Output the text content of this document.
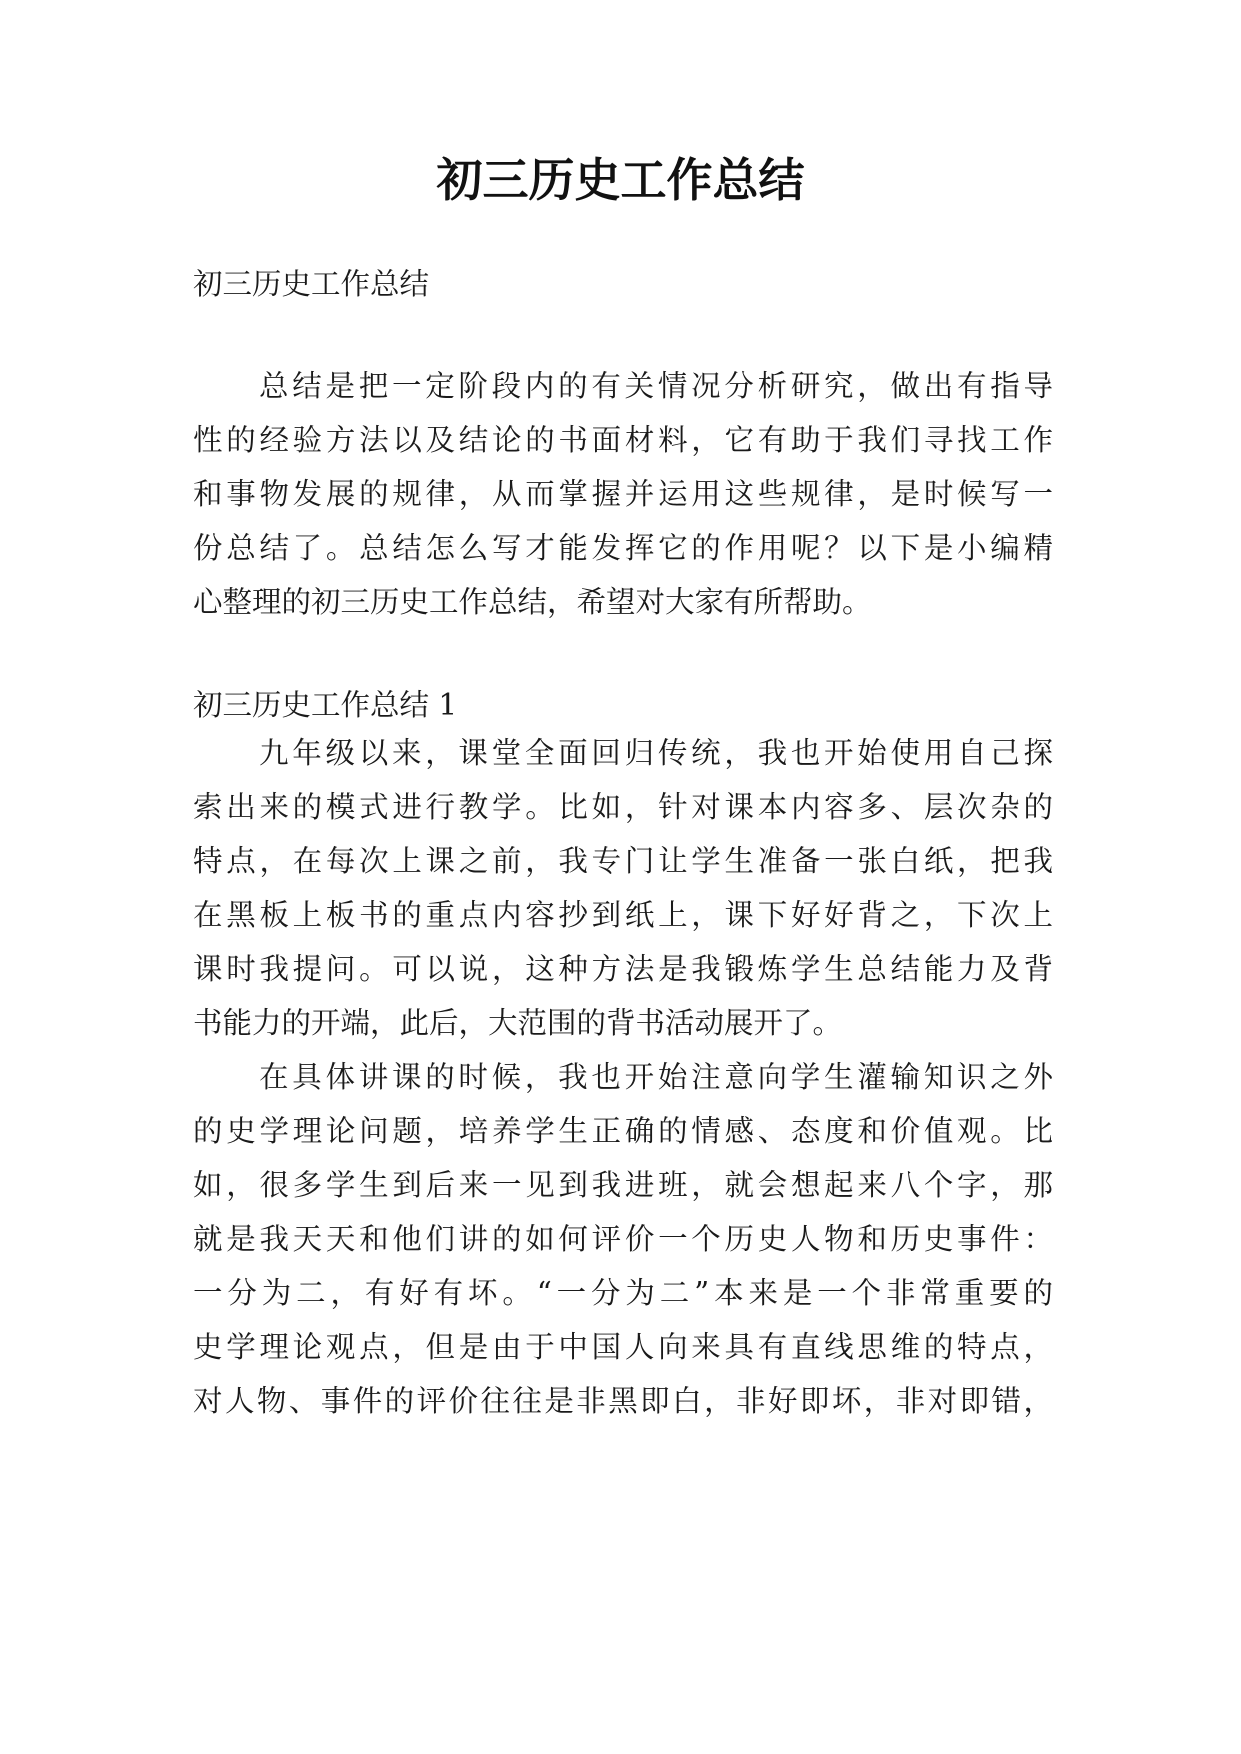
初三历史工作总结
初三历史工作总结
总结是把一定阶段内的有关情况分析研究，做出有指导
性的经验方法以及结论的书面材料，它有助于我们寻找工作
和事物发展的规律，从而掌握并运用这些规律，是时候写一
份总结了。总结怎么写才能发挥它的作用呢？以下是小编精
心整理的初三历史工作总结，希望对大家有所帮助。
初三历史工作总结 1
九年级以来，课堂全面回归传统，我也开始使用自己探
索出来的模式进行教学。比如，针对课本内容多、层次杂的
特点，在每次上课之前，我专门让学生准备一张白纸，把我
在黑板上板书的重点内容抄到纸上，课下好好背之，下次上
课时我提问。可以说，这种方法是我锻炼学生总结能力及背
书能力的开端，此后，大范围的背书活动展开了。
在具体讲课的时候，我也开始注意向学生灌输知识之外
的史学理论问题，培养学生正确的情感、态度和价值观。比
如，很多学生到后来一见到我进班，就会想起来八个字，那
就是我天天和他们讲的如何评价一个历史人物和历史事件：
一分为二，有好有坏。“一分为二”本来是一个非常重要的
史学理论观点，但是由于中国人向来具有直线思维的特点，
对人物、事件的评价往往是非黑即白，非好即坏，非对即错，
